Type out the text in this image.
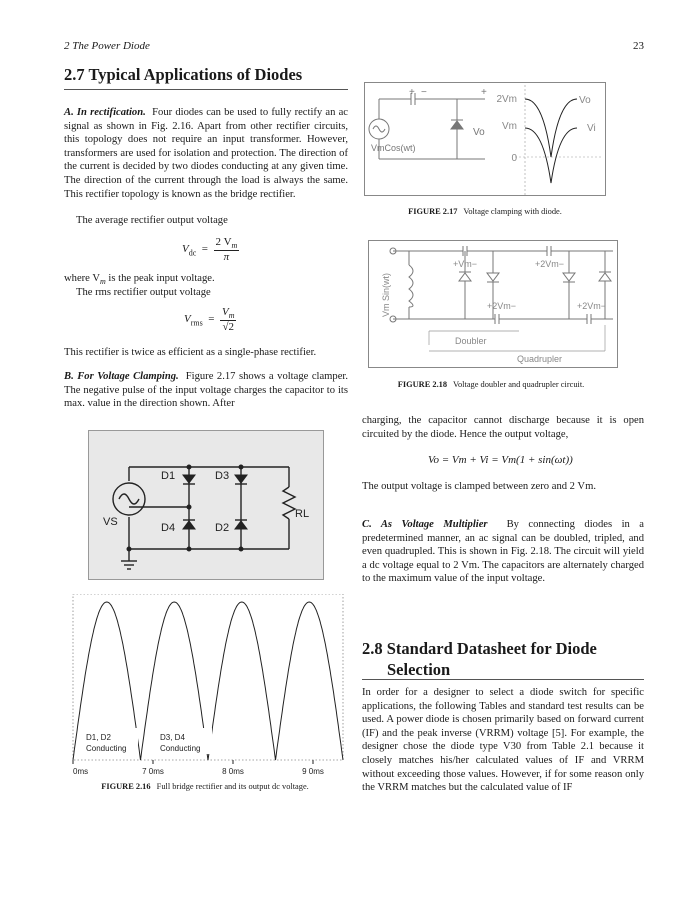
2 The Power Diode	23
2.7 Typical Applications of Diodes
A. In rectification. Four diodes can be used to fully rectify an ac signal as shown in Fig. 2.16. Apart from other rectifier circuits, this topology does not require an input transformer. However, transformers are used for isolation and protection. The direction of the current is decided by two diodes conducting at any given time. The direction of the current through the load is always the same. This rectifier topology is known as the bridge rectifier.
The average rectifier output voltage
$V_{dc} = \frac{2 V_m}{\pi}$
where $V_m$ is the peak input voltage.
The rms rectifier output voltage
$V_{rms} = \frac{V_m}{√2}$
This rectifier is twice as efficient as a single-phase rectifier.
B. For Voltage Clamping. Figure 2.17 shows a voltage clamper. The negative pulse of the input voltage charges the capacitor to its max. value in the direction shown. After
D1	D3
D4	D2
VS
RL
D1, D2
Conducting
D3, D4
Conducting
0ms	7 0ms	8 0ms	9 0ms
FIGURE 2.16 Full bridge rectifier and its output dc voltage.
+ −	+
Vo
VmCos(wt)
2Vm
Vm
0
Vo
Vi
FIGURE 2.17 Voltage clamping with diode.
Vm Sin(wt)
+Vm−	+2Vm−
+2Vm−	+2Vm−
Doubler
Quadrupler
FIGURE 2.18 Voltage doubler and quadrupler circuit.
charging, the capacitor cannot discharge because it is open circuited by the diode. Hence the output voltage,
Vo = Vm + Vi = Vm(1 + sin(ωt))
The output voltage is clamped between zero and 2 Vm.
C. As Voltage Multiplier By connecting diodes in a predetermined manner, an ac signal can be doubled, tripled, and even quadrupled. This is shown in Fig. 2.18. The circuit will yield a dc voltage equal to 2 Vm. The capacitors are alternately charged to the maximum value of the input voltage.
2.8 Standard Datasheet for Diode
Selection
In order for a designer to select a diode switch for specific applications, the following Tables and standard test results can be used. A power diode is chosen primarily based on forward current (IF) and the peak inverse (VRRM) voltage [5]. For example, the designer chose the diode type V30 from Table 2.1 because it closely matches his/her calculated values of IF and VRRM without exceeding those values. However, if for some reason only the VRRM matches but the calculated value of IF
